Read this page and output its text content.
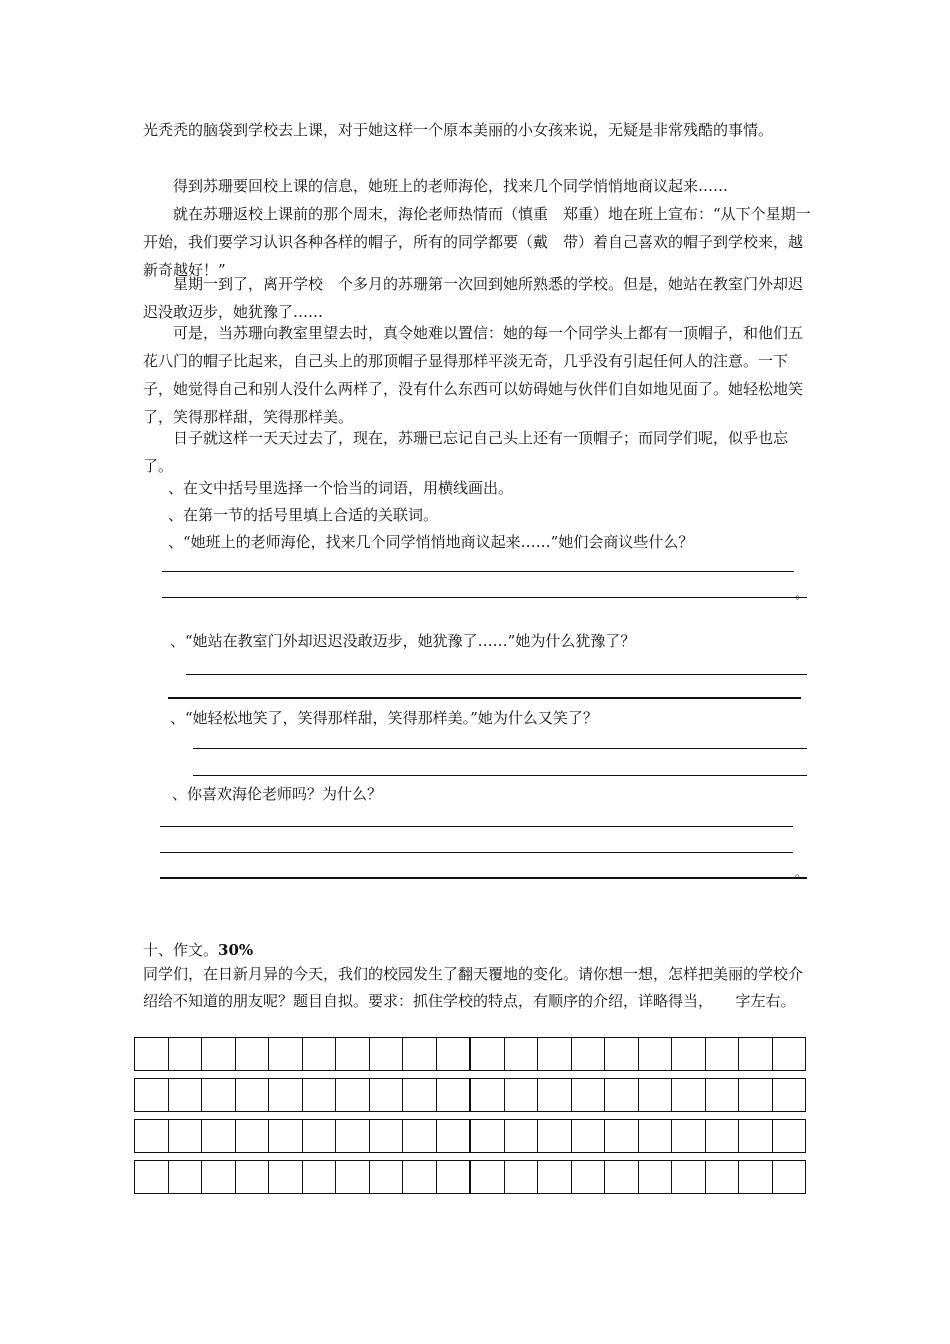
光秃秃的脑袋到学校去上课，对于她这样一个原本美丽的小女孩来说，无疑是非常残酷的事情。

得到苏珊要回校上课的信息，她班上的老师海伦，找来几个同学悄悄地商议起来……

就在苏珊返校上课前的那个周末，海伦老师热情而（慎重　郑重）地在班上宣布：“从下个星期一开始，我们要学习认识各种各样的帽子，所有的同学都要（戴　带）着自己喜欢的帽子到学校来，越新奇越好！”

星期一到了，离开学校　个多月的苏珊第一次回到她所熟悉的学校。但是，她站在教室门外却迟迟没敢迈步，她犹豫了……

可是，当苏珊向教室里望去时，真令她难以置信：她的每一个同学头上都有一顶帽子，和他们五花八门的帽子比起来，自己头上的那顶帽子显得那样平淡无奇，几乎没有引起任何人的注意。一下子，她觉得自己和别人没什么两样了，没有什么东西可以妨碍她与伙伴们自如地见面了。她轻松地笑了，笑得那样甜，笑得那样美。

日子就这样一天天过去了，现在，苏珊已忘记自己头上还有一顶帽子；而同学们呢，似乎也忘了。

、在文中括号里选择一个恰当的词语，用横线画出。

、在第一节的括号里填上合适的关联词。

、“她班上的老师海伦，找来几个同学悄悄地商议起来……”她们会商议些什么？

。

、“她站在教室门外却迟迟没敢迈步，她犹豫了……”她为什么犹豫了？

、“她轻松地笑了，笑得那样甜，笑得那样美。”她为什么又笑了？

、你喜欢海伦老师吗？为什么？

。

十、作文。30%

同学们，在日新月异的今天，我们的校园发生了翻天覆地的变化。请你想一想，怎样把美丽的学校介绍给不知道的朋友呢？题目自拟。要求：抓住学校的特点，有顺序的介绍，详略得当，　　字左右。
